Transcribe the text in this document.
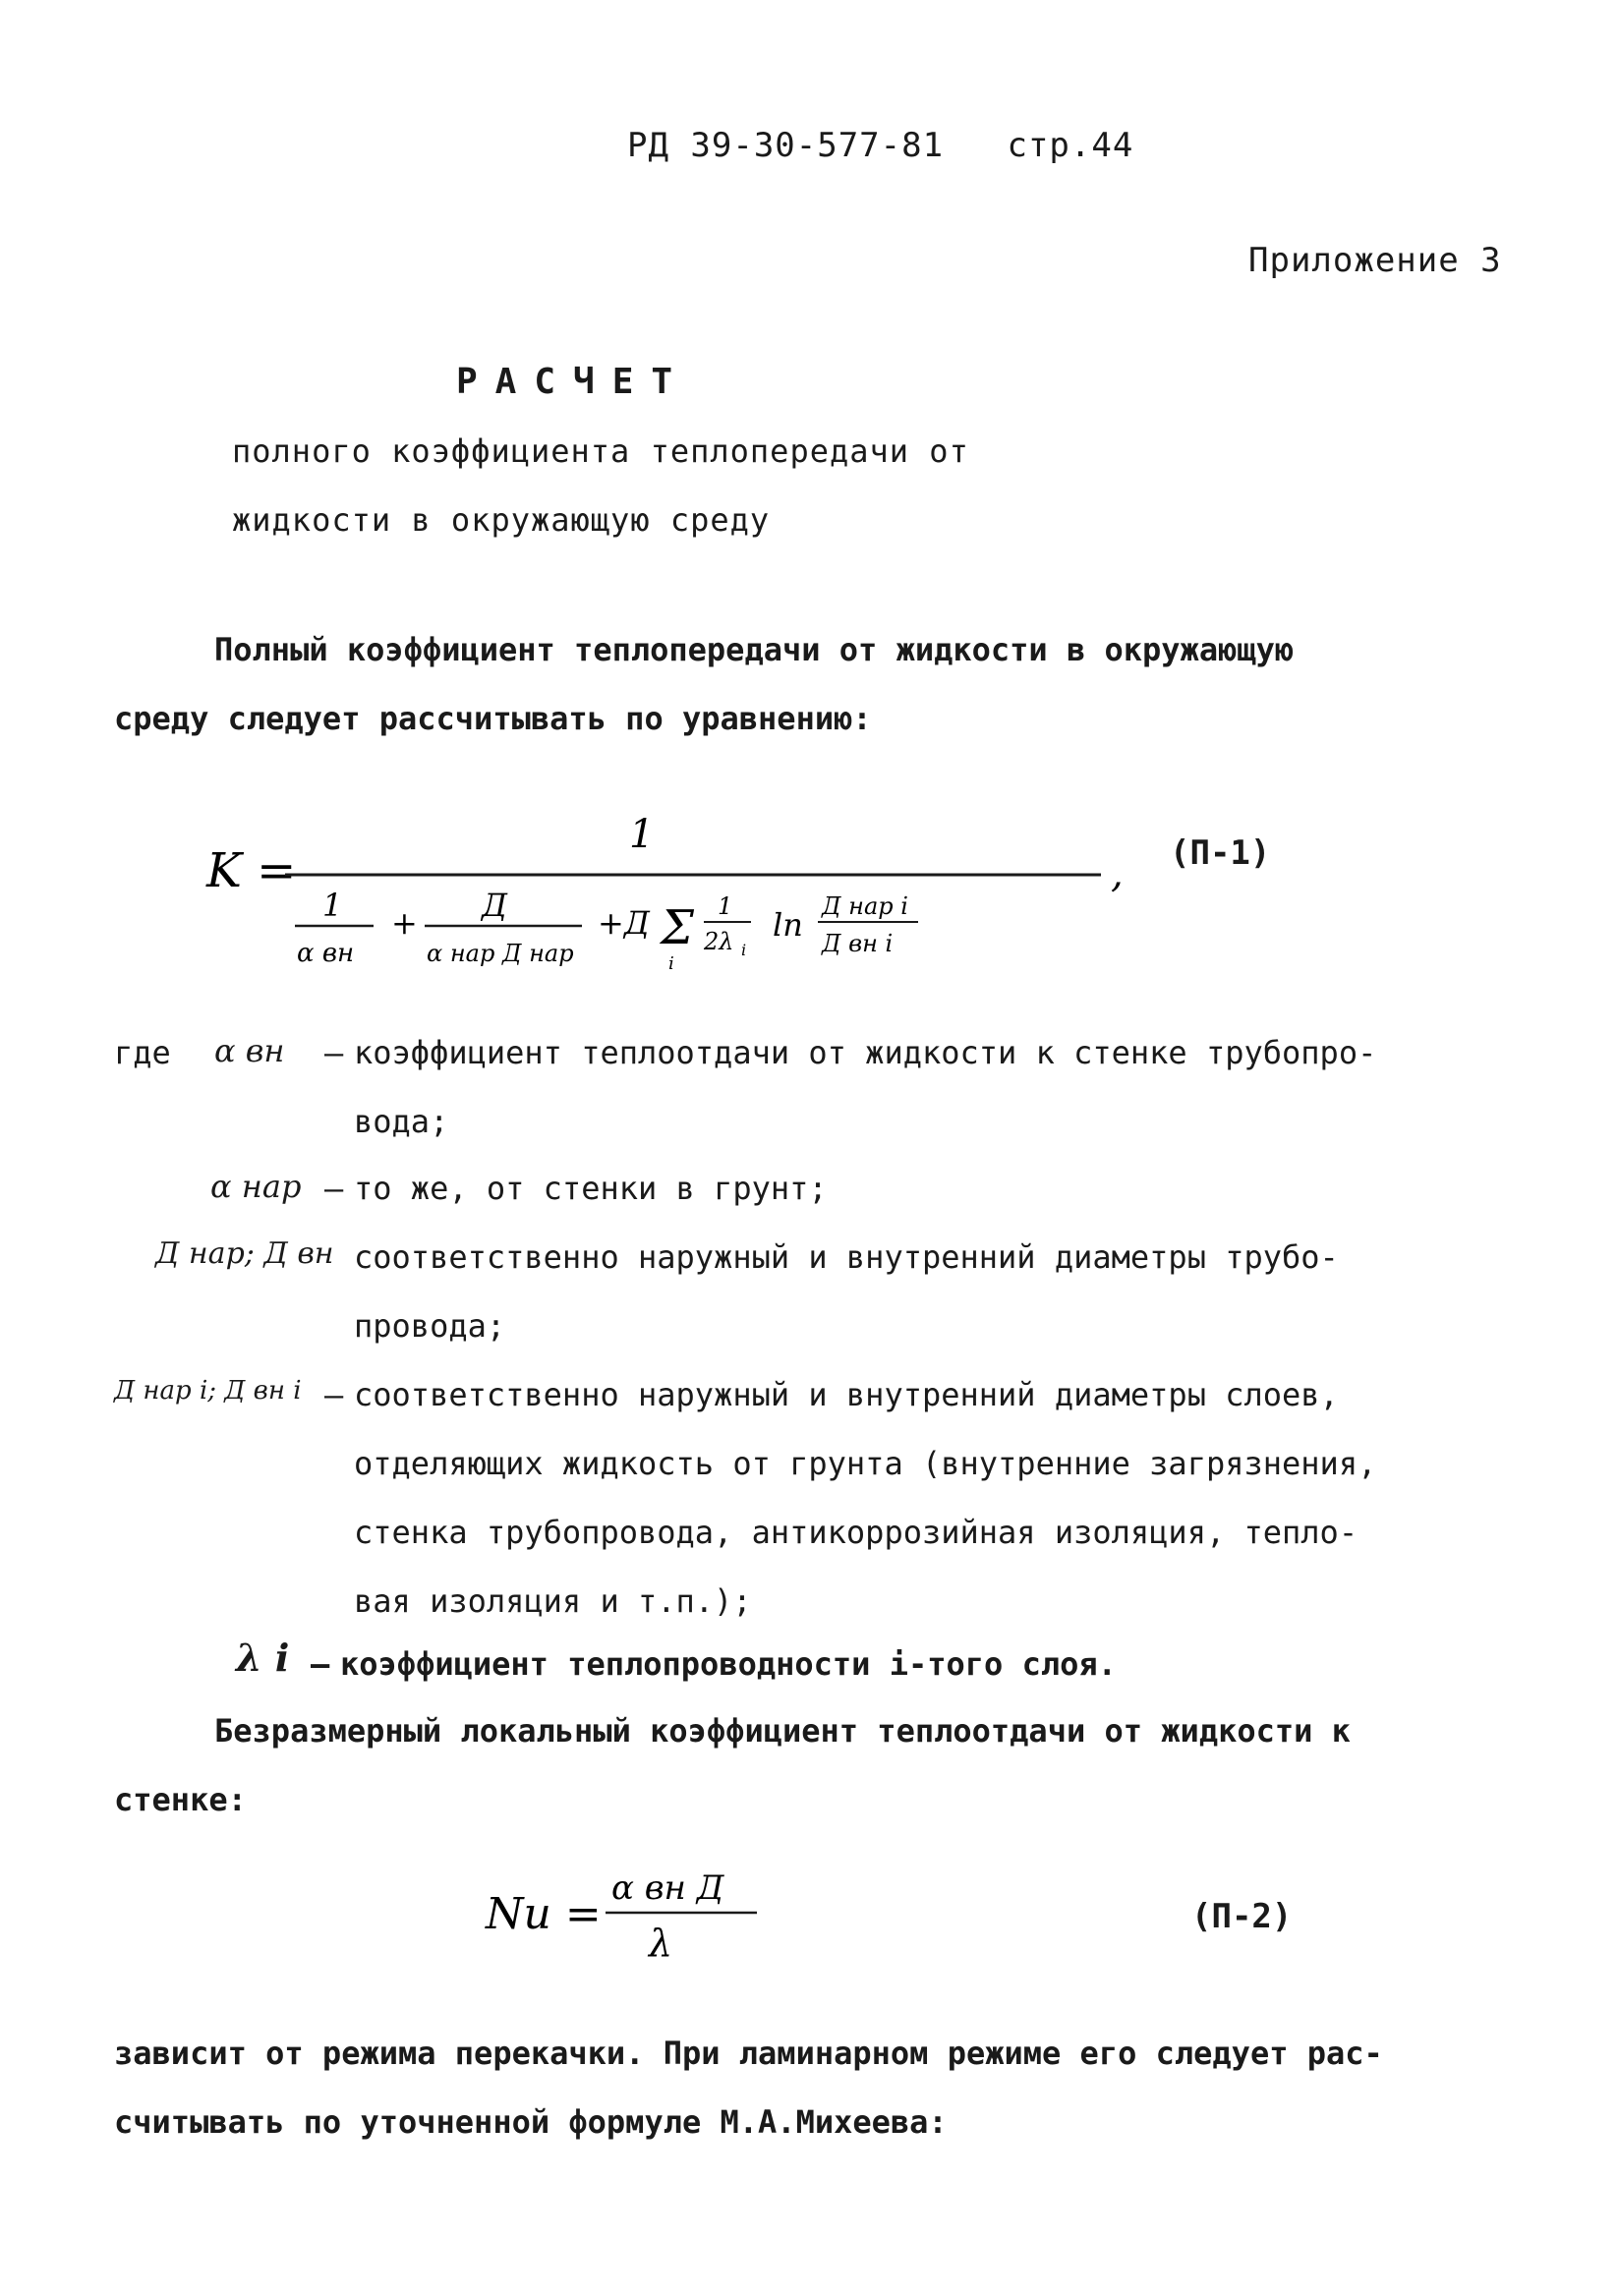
РД 39-30-577-81 стр.44
Приложение 3
РАСЧЕТ
полного коэффициента теплопередачи от
жидкости в окружающую среду
Полный коэффициент теплопередачи от жидкости в окружающую
среду следует рассчитывать по уравнению:
K =
1
1
α вн
+ Д
α нар Д нар
+Д Σ
i
1
2λ i
ln Д нар i
Д вн i
, (П-1)
где α вн – коэффициент теплоотдачи от жидкости к стенке трубопро-
вода;
α нар – то же, от стенки в грунт;
Д нар; Д вн соответственно наружный и внутренний диаметры трубо-
провода;
Д нар i; Д вн i – соответственно наружный и внутренний диаметры слоев,
отделяющих жидкость от грунта (внутренние загрязнения,
стенка трубопровода, антикоррозийная изоляция, тепло-
вая изоляция и т.п.);
λ i – коэффициент теплопроводности i-того слоя.
Безразмерный локальный коэффициент теплоотдачи от жидкости к
стенке:
Nu =
α вн Д
λ
(П-2)
зависит от режима перекачки. При ламинарном режиме его следует рас-
считывать по уточненной формуле М.А.Михеева:
